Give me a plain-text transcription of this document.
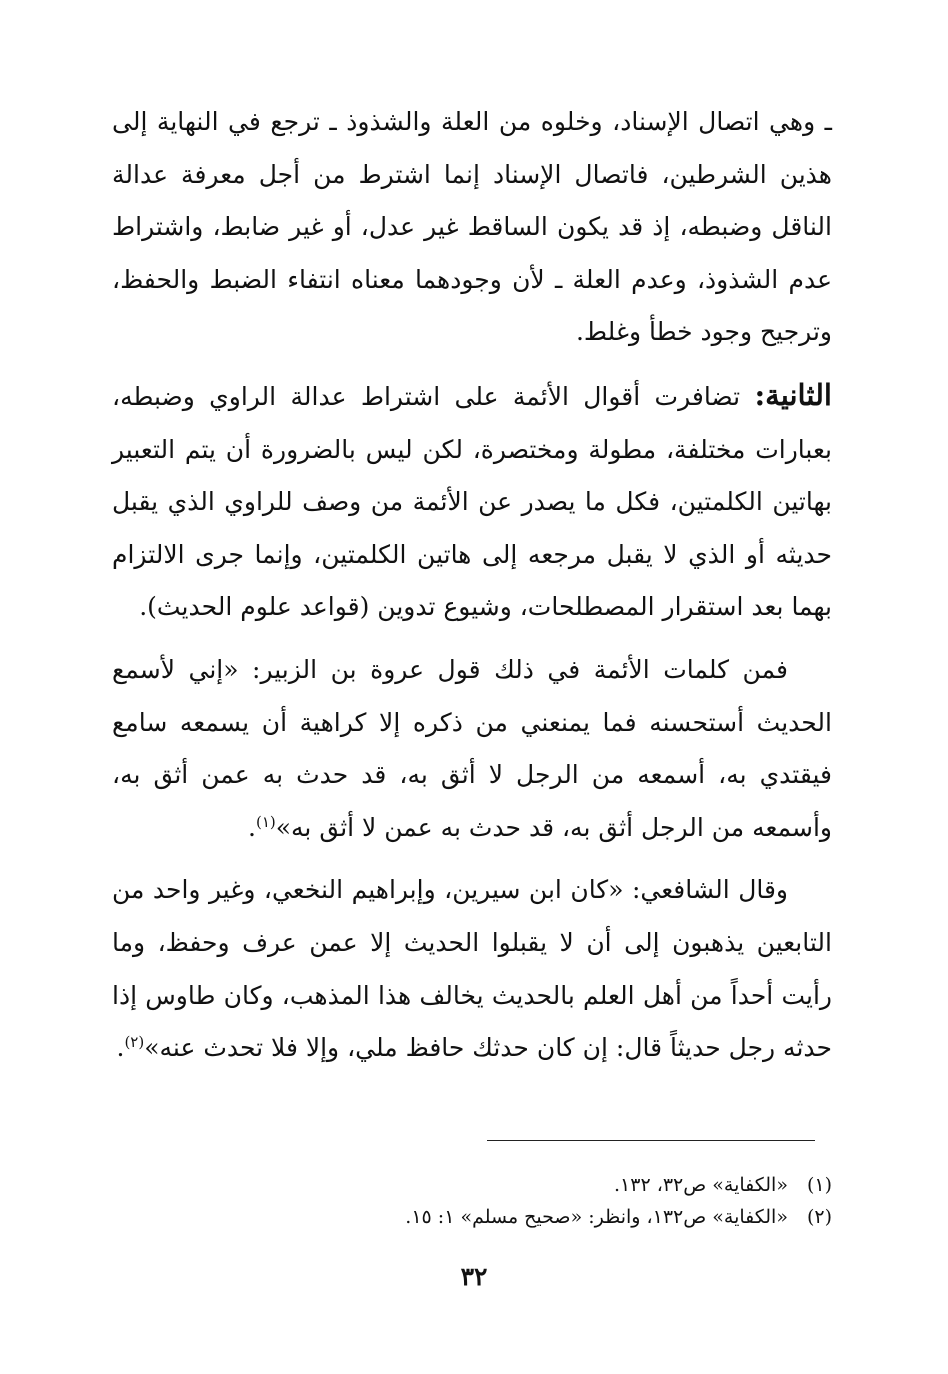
ـ وهي اتصال الإسناد، وخلوه من العلة والشذوذ ـ ترجع في النهاية إلى هذين الشرطين، فاتصال الإسناد إنما اشترط من أجل معرفة عدالة الناقل وضبطه، إذ قد يكون الساقط غير عدل، أو غير ضابط، واشتراط عدم الشذوذ، وعدم العلة ـ لأن وجودهما معناه انتفاء الضبط والحفظ، وترجيح وجود خطأ وغلط.

الثانية: تضافرت أقوال الأئمة على اشتراط عدالة الراوي وضبطه، بعبارات مختلفة، مطولة ومختصرة، لكن ليس بالضرورة أن يتم التعبير بهاتين الكلمتين، فكل ما يصدر عن الأئمة من وصف للراوي الذي يقبل حديثه أو الذي لا يقبل مرجعه إلى هاتين الكلمتين، وإنما جرى الالتزام بهما بعد استقرار المصطلحات، وشيوع تدوين (قواعد علوم الحديث).

فمن كلمات الأئمة في ذلك قول عروة بن الزبير: «إني لأسمع الحديث أستحسنه فما يمنعني من ذكره إلا كراهية أن يسمعه سامع فيقتدي به، أسمعه من الرجل لا أثق به، قد حدث به عمن أثق به، وأسمعه من الرجل أثق به، قد حدث به عمن لا أثق به»$^{(١)}$.

وقال الشافعي: «كان ابن سيرين، وإبراهيم النخعي، وغير واحد من التابعين يذهبون إلى أن لا يقبلوا الحديث إلا عمن عرف وحفظ، وما رأيت أحداً من أهل العلم بالحديث يخالف هذا المذهب، وكان طاوس إذا حدثه رجل حديثاً قال: إن كان حدثك حافظ ملي، وإلا فلا تحدث عنه»$^{(٢)}$.

(١) «الكفاية» ص٣٢، ١٣٢.
(٢) «الكفاية» ص١٣٢، وانظر: «صحيح مسلم» ١: ١٥.
٣٢
